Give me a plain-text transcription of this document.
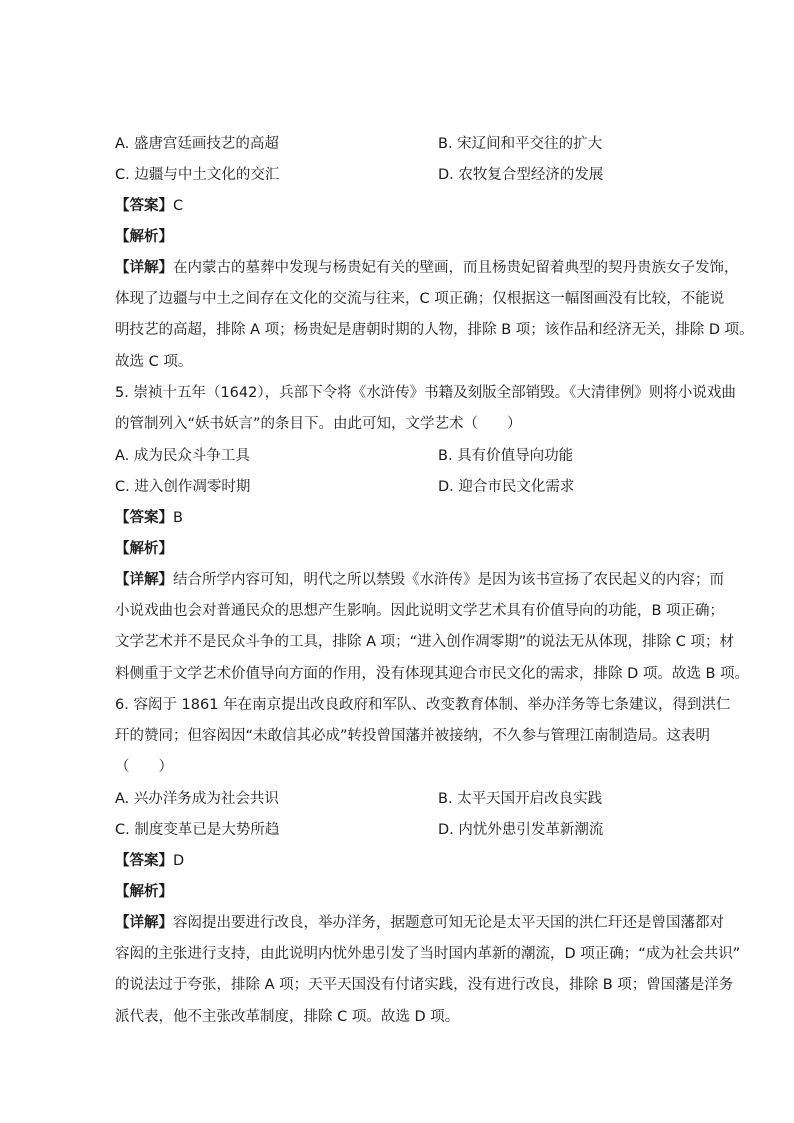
A. 盛唐宫廷画技艺的高超	B. 宋辽间和平交往的扩大
C. 边疆与中土文化的交汇	D. 农牧复合型经济的发展
【答案】C
【解析】
【详解】在内蒙古的墓葬中发现与杨贵妃有关的壁画，而且杨贵妃留着典型的契丹贵族女子发饰，
体现了边疆与中土之间存在文化的交流与往来，C 项正确；仅根据这一幅图画没有比较，不能说
明技艺的高超，排除 A 项；杨贵妃是唐朝时期的人物，排除 B 项；该作品和经济无关，排除 D 项。
故选 C 项。
5. 崇祯十五年（1642），兵部下令将《水浒传》书籍及刻版全部销毁。《大清律例》则将小说戏曲
的管制列入“妖书妖言”的条目下。由此可知，文学艺术（　　）
A. 成为民众斗争工具	B. 具有价值导向功能
C. 进入创作凋零时期	D. 迎合市民文化需求
【答案】B
【解析】
【详解】结合所学内容可知，明代之所以禁毁《水浒传》是因为该书宣扬了农民起义的内容；而
小说戏曲也会对普通民众的思想产生影响。因此说明文学艺术具有价值导向的功能，B 项正确；
文学艺术并不是民众斗争的工具，排除 A 项；“进入创作凋零期”的说法无从体现，排除 C 项；材
料侧重于文学艺术价值导向方面的作用，没有体现其迎合市民文化的需求，排除 D 项。故选 B 项。
6. 容闳于 1861 年在南京提出改良政府和军队、改变教育体制、举办洋务等七条建议，得到洪仁
玕的赞同；但容闳因“未敢信其必成”转投曾国藩并被接纳，不久参与管理江南制造局。这表明
（　　）
A. 兴办洋务成为社会共识	B. 太平天国开启改良实践
C. 制度变革已是大势所趋	D. 内忧外患引发革新潮流
【答案】D
【解析】
【详解】容闳提出要进行改良，举办洋务，据题意可知无论是太平天国的洪仁玕还是曾国藩都对
容闳的主张进行支持，由此说明内忧外患引发了当时国内革新的潮流，D 项正确；“成为社会共识”
的说法过于夸张，排除 A 项；天平天国没有付诸实践，没有进行改良，排除 B 项；曾国藩是洋务
派代表，他不主张改革制度，排除 C 项。故选 D 项。
